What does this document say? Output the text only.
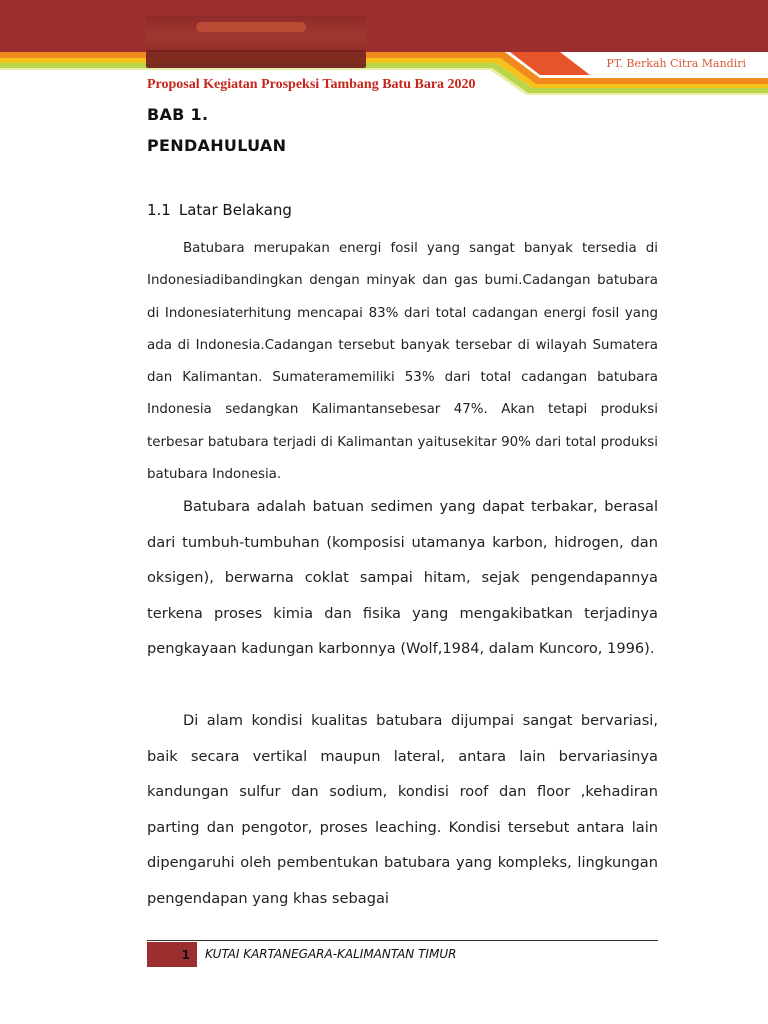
PT. Berkah Citra Mandiri
Proposal Kegiatan Prospeksi Tambang Batu Bara 2020
BAB 1.
PENDAHULUAN
1.1 Latar Belakang

Batubara merupakan energi fosil yang sangat banyak tersedia di Indonesiadibandingkan dengan minyak dan gas bumi.Cadangan batubara di Indonesiaterhitung mencapai 83% dari total cadangan energi fosil yang ada di Indonesia.Cadangan tersebut banyak tersebar di wilayah Sumatera dan Kalimantan. Sumateramemiliki 53% dari total cadangan batubara Indonesia sedangkan Kalimantansebesar 47%. Akan tetapi produksi terbesar batubara terjadi di Kalimantan yaitusekitar 90% dari total produksi batubara Indonesia.

Batubara adalah batuan sedimen yang dapat terbakar, berasal dari tumbuh-tumbuhan (komposisi utamanya karbon, hidrogen, dan oksigen), berwarna coklat sampai hitam, sejak pengendapannya terkena proses kimia dan fisika yang mengakibatkan terjadinya pengkayaan kadungan karbonnya (Wolf,1984, dalam Kuncoro, 1996).

Di alam kondisi kualitas batubara dijumpai sangat bervariasi, baik secara vertikal maupun lateral, antara lain bervariasinya kandungan sulfur dan sodium, kondisi roof dan floor ,kehadiran parting dan pengotor, proses leaching. Kondisi tersebut antara lain dipengaruhi oleh pembentukan batubara yang kompleks, lingkungan pengendapan yang khas sebagai

1	KUTAI KARTANEGARA-KALIMANTAN TIMUR
